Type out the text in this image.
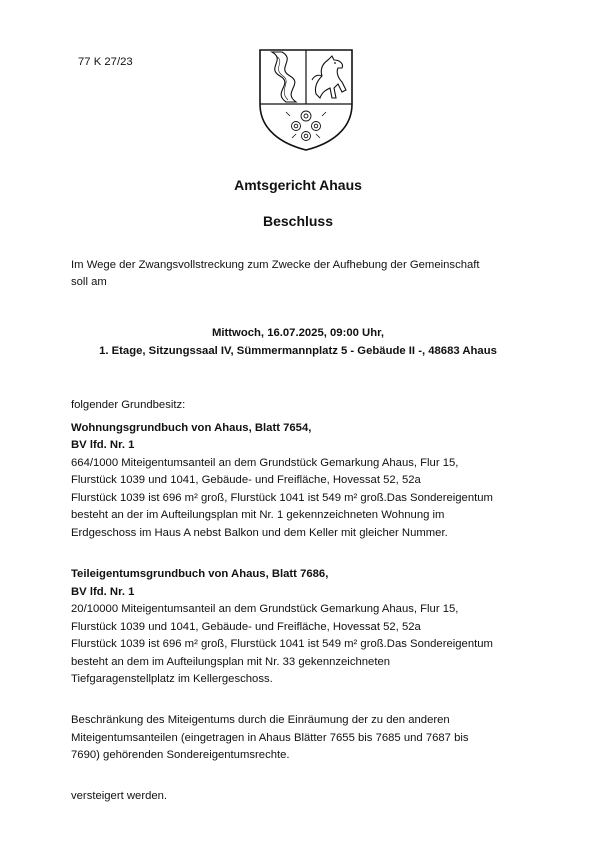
77 K 27/23
Amtsgericht Ahaus
Beschluss
Im Wege der Zwangsvollstreckung zum Zwecke der Aufhebung der Gemeinschaft
soll am
Mittwoch, 16.07.2025, 09:00 Uhr,
1. Etage, Sitzungssaal IV, Sümmermannplatz 5 - Gebäude II -, 48683 Ahaus
folgender Grundbesitz:
Wohnungsgrundbuch von Ahaus, Blatt 7654,
BV lfd. Nr. 1
664/1000 Miteigentumsanteil an dem Grundstück Gemarkung Ahaus, Flur 15,
Flurstück 1039 und 1041, Gebäude- und Freifläche, Hovessat 52, 52a
Flurstück 1039 ist 696 m² groß, Flurstück 1041 ist 549 m² groß.Das Sondereigentum
besteht an der im Aufteilungsplan mit Nr. 1 gekennzeichneten Wohnung im
Erdgeschoss im Haus A nebst Balkon und dem Keller mit gleicher Nummer.
Teileigentumsgrundbuch von Ahaus, Blatt 7686,
BV lfd. Nr. 1
20/10000 Miteigentumsanteil an dem Grundstück Gemarkung Ahaus, Flur 15,
Flurstück 1039 und 1041, Gebäude- und Freifläche, Hovessat 52, 52a
Flurstück 1039 ist 696 m² groß, Flurstück 1041 ist 549 m² groß.Das Sondereigentum
besteht an dem im Aufteilungsplan mit Nr. 33 gekennzeichneten
Tiefgaragenstellplatz im Kellergeschoss.
Beschränkung des Miteigentums durch die Einräumung der zu den anderen
Miteigentumsanteilen (eingetragen in Ahaus Blätter 7655 bis 7685 und 7687 bis
7690) gehörenden Sondereigentumsrechte.
versteigert werden.
